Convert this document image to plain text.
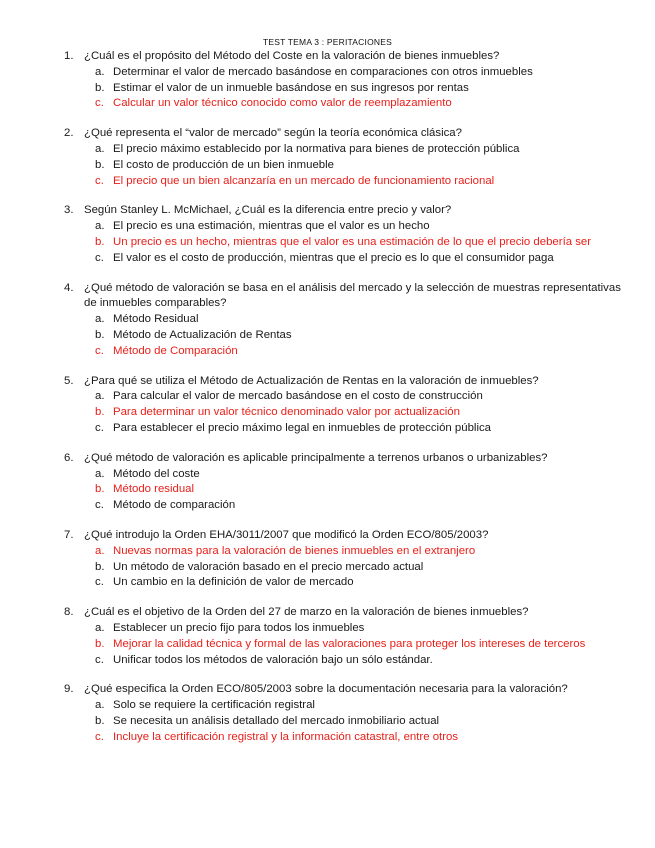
TEST TEMA 3 : PERITACIONES
1. ¿Cuál es el propósito del Método del Coste en la valoración de bienes inmuebles?
a. Determinar el valor de mercado basándose en comparaciones con otros inmuebles
b. Estimar el valor de un inmueble basándose en sus ingresos por rentas
c. Calcular un valor técnico conocido como valor de reemplazamiento
2. ¿Qué representa el “valor de mercado” según la teoría económica clásica?
a. El precio máximo establecido por la normativa para bienes de protección pública
b. El costo de producción de un bien inmueble
c. El precio que un bien alcanzaría en un mercado de funcionamiento racional
3. Según Stanley L. McMichael, ¿Cuál es la diferencia entre precio y valor?
a. El precio es una estimación, mientras que el valor es un hecho
b. Un precio es un hecho, mientras que el valor es una estimación de lo que el precio debería ser
c. El valor es el costo de producción, mientras que el precio es lo que el consumidor paga
4. ¿Qué método de valoración se basa en el análisis del mercado y la selección de muestras representativas de inmuebles comparables?
a. Método Residual
b. Método de Actualización de Rentas
c. Método de Comparación
5. ¿Para qué se utiliza el Método de Actualización de Rentas en la valoración de inmuebles?
a. Para calcular el valor de mercado basándose en el costo de construcción
b. Para determinar un valor técnico denominado valor por actualización
c. Para establecer el precio máximo legal en inmuebles de protección pública
6. ¿Qué método de valoración es aplicable principalmente a terrenos urbanos o urbanizables?
a. Método del coste
b. Método residual
c. Método de comparación
7. ¿Qué introdujo la Orden EHA/3011/2007 que modificó la Orden ECO/805/2003?
a. Nuevas normas para la valoración de bienes inmuebles en el extranjero
b. Un método de valoración basado en el precio mercado actual
c. Un cambio en la definición de valor de mercado
8. ¿Cuál es el objetivo de la Orden del 27 de marzo en la valoración de bienes inmuebles?
a. Establecer un precio fijo para todos los inmuebles
b. Mejorar la calidad técnica y formal de las valoraciones para proteger los intereses de terceros
c. Unificar todos los métodos de valoración bajo un sólo estándar.
9. ¿Qué especifica la Orden ECO/805/2003 sobre la documentación necesaria para la valoración?
a. Solo se requiere la certificación registral
b. Se necesita un análisis detallado del mercado inmobiliario actual
c. Incluye la certificación registral y la información catastral, entre otros
